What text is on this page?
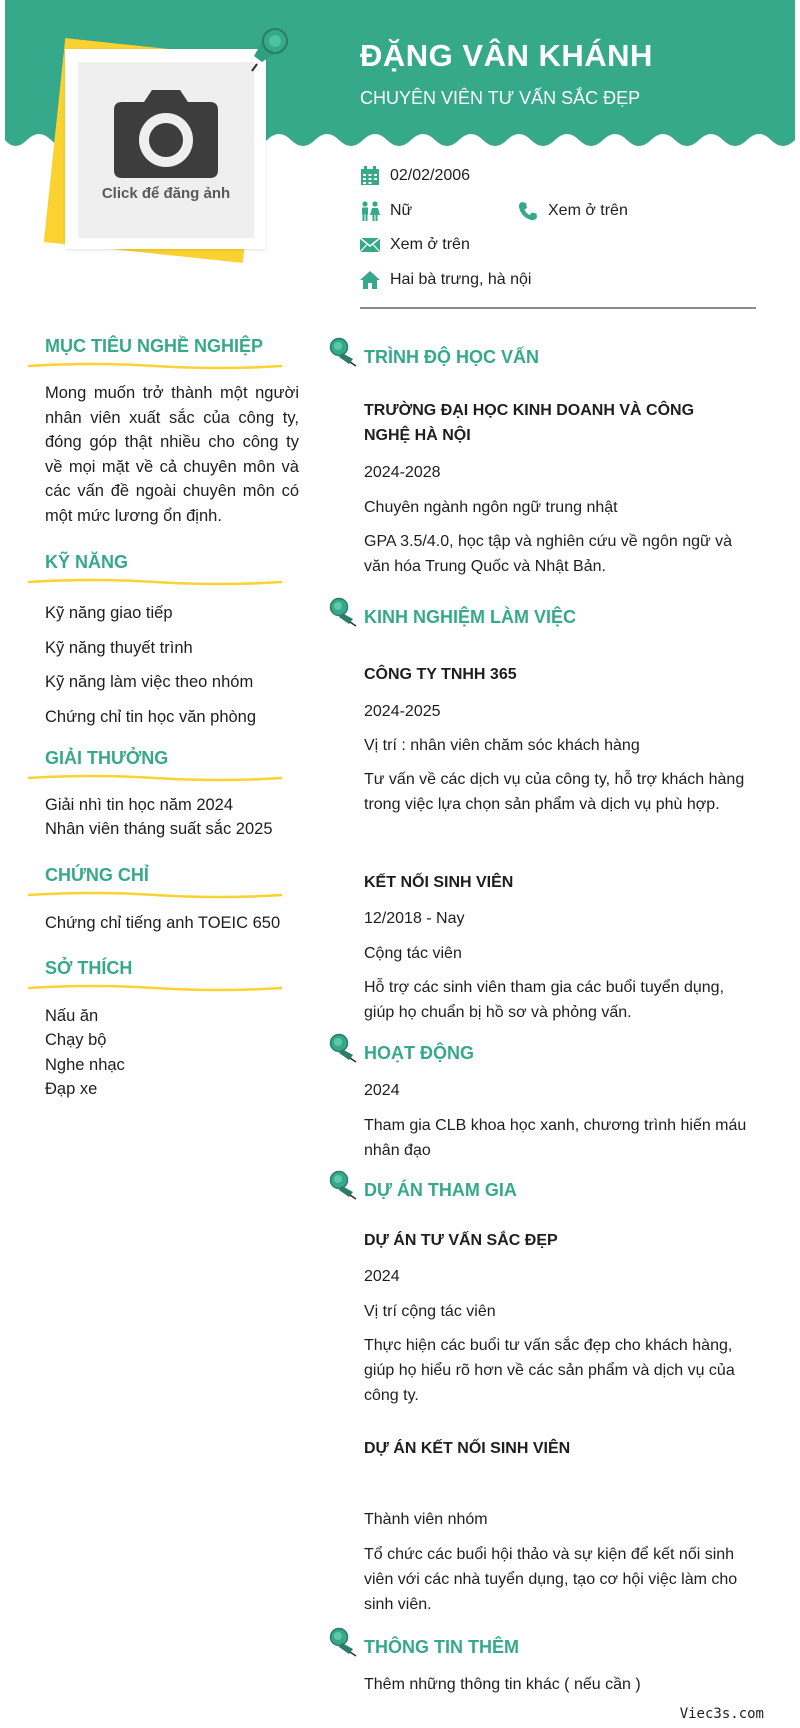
ĐẶNG VÂN KHÁNH
CHUYÊN VIÊN TƯ VẤN SẮC ĐẸP
Click để đăng ảnh
02/02/2006
Nữ	Xem ở trên
Xem ở trên
Hai bà trưng, hà nội
MỤC TIÊU NGHỀ NGHIỆP
Mong muốn trở thành một người nhân viên xuất sắc của công ty, đóng góp thật nhiều cho công ty về mọi mặt về cả chuyên môn và các vấn đề ngoài chuyên môn có một mức lương ổn định.
KỸ NĂNG
Kỹ năng giao tiếp
Kỹ năng thuyết trình
Kỹ năng làm việc theo nhóm
Chứng chỉ tin học văn phòng
GIẢI THƯỞNG
Giải nhì tin học năm 2024
Nhân viên tháng suất sắc 2025
CHỨNG CHỈ
Chứng chỉ tiếng anh TOEIC 650
SỞ THÍCH
Nấu ăn
Chạy bộ
Nghe nhạc
Đạp xe
TRÌNH ĐỘ HỌC VẤN
TRƯỜNG ĐẠI HỌC KINH DOANH VÀ CÔNG NGHỆ HÀ NỘI
2024-2028
Chuyên ngành ngôn ngữ trung nhật
GPA 3.5/4.0, học tập và nghiên cứu về ngôn ngữ và văn hóa Trung Quốc và Nhật Bản.
KINH NGHIỆM LÀM VIỆC
CÔNG TY TNHH 365
2024-2025
Vị trí : nhân viên chăm sóc khách hàng
Tư vấn về các dịch vụ của công ty, hỗ trợ khách hàng trong việc lựa chọn sản phẩm và dịch vụ phù hợp.
KẾT NỐI SINH VIÊN
12/2018 - Nay
Cộng tác viên
Hỗ trợ các sinh viên tham gia các buổi tuyển dụng, giúp họ chuẩn bị hồ sơ và phỏng vấn.
HOẠT ĐỘNG
2024
Tham gia CLB khoa học xanh, chương trình hiến máu nhân đạo
DỰ ÁN THAM GIA
DỰ ÁN TƯ VẤN SẮC ĐẸP
2024
Vị trí cộng tác viên
Thực hiện các buổi tư vấn sắc đẹp cho khách hàng, giúp họ hiểu rõ hơn về các sản phẩm và dịch vụ của công ty.
DỰ ÁN KẾT NỐI SINH VIÊN
Thành viên nhóm
Tổ chức các buổi hội thảo và sự kiện để kết nối sinh viên với các nhà tuyển dụng, tạo cơ hội việc làm cho sinh viên.
THÔNG TIN THÊM
Thêm những thông tin khác ( nếu cần )
Viec3s.com
